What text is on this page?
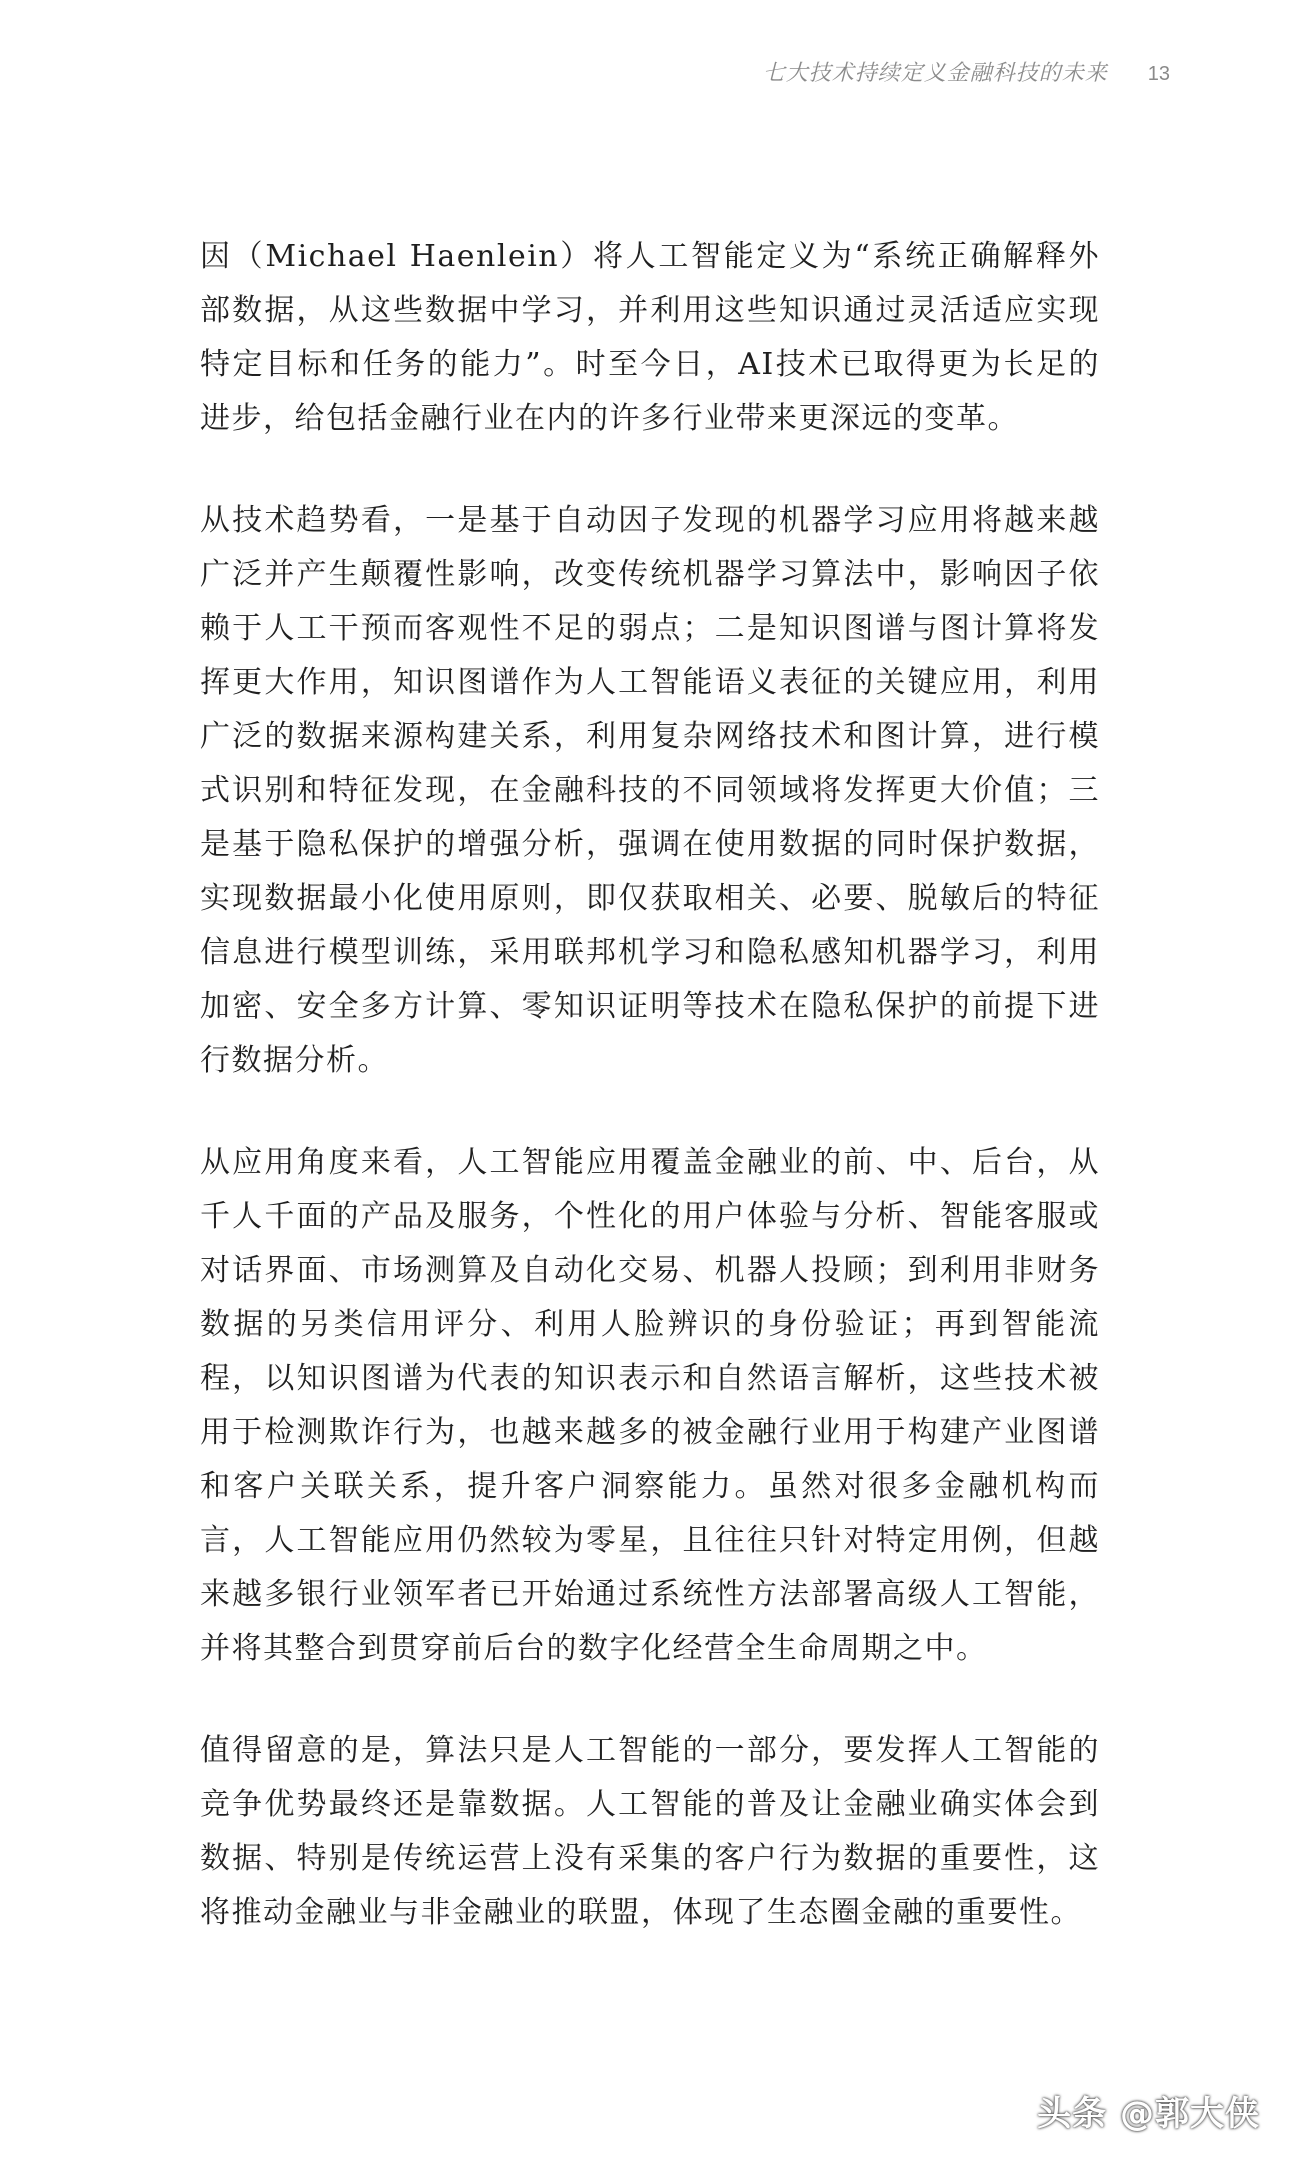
七大技术持续定义金融科技的未来 13

因（Michael Haenlein）将人工智能定义为“系统正确解释外部数据，从这些数据中学习，并利用这些知识通过灵活适应实现特定目标和任务的能力”。时至今日，AI技术已取得更为长足的进步，给包括金融行业在内的许多行业带来更深远的变革。

从技术趋势看，一是基于自动因子发现的机器学习应用将越来越广泛并产生颠覆性影响，改变传统机器学习算法中，影响因子依赖于人工干预而客观性不足的弱点；二是知识图谱与图计算将发挥更大作用，知识图谱作为人工智能语义表征的关键应用，利用广泛的数据来源构建关系，利用复杂网络技术和图计算，进行模式识别和特征发现，在金融科技的不同领域将发挥更大价值；三是基于隐私保护的增强分析，强调在使用数据的同时保护数据，实现数据最小化使用原则，即仅获取相关、必要、脱敏后的特征信息进行模型训练，采用联邦机学习和隐私感知机器学习，利用加密、安全多方计算、零知识证明等技术在隐私保护的前提下进行数据分析。

从应用角度来看，人工智能应用覆盖金融业的前、中、后台，从千人千面的产品及服务，个性化的用户体验与分析、智能客服或对话界面、市场测算及自动化交易、机器人投顾；到利用非财务数据的另类信用评分、利用人脸辨识的身份验证；再到智能流程，以知识图谱为代表的知识表示和自然语言解析，这些技术被用于检测欺诈行为，也越来越多的被金融行业用于构建产业图谱和客户关联关系，提升客户洞察能力。虽然对很多金融机构而言，人工智能应用仍然较为零星，且往往只针对特定用例，但越来越多银行业领军者已开始通过系统性方法部署高级人工智能，并将其整合到贯穿前后台的数字化经营全生命周期之中。

值得留意的是，算法只是人工智能的一部分，要发挥人工智能的竞争优势最终还是靠数据。人工智能的普及让金融业确实体会到数据、特别是传统运营上没有采集的客户行为数据的重要性，这将推动金融业与非金融业的联盟，体现了生态圈金融的重要性。

头条 @郭大侠
